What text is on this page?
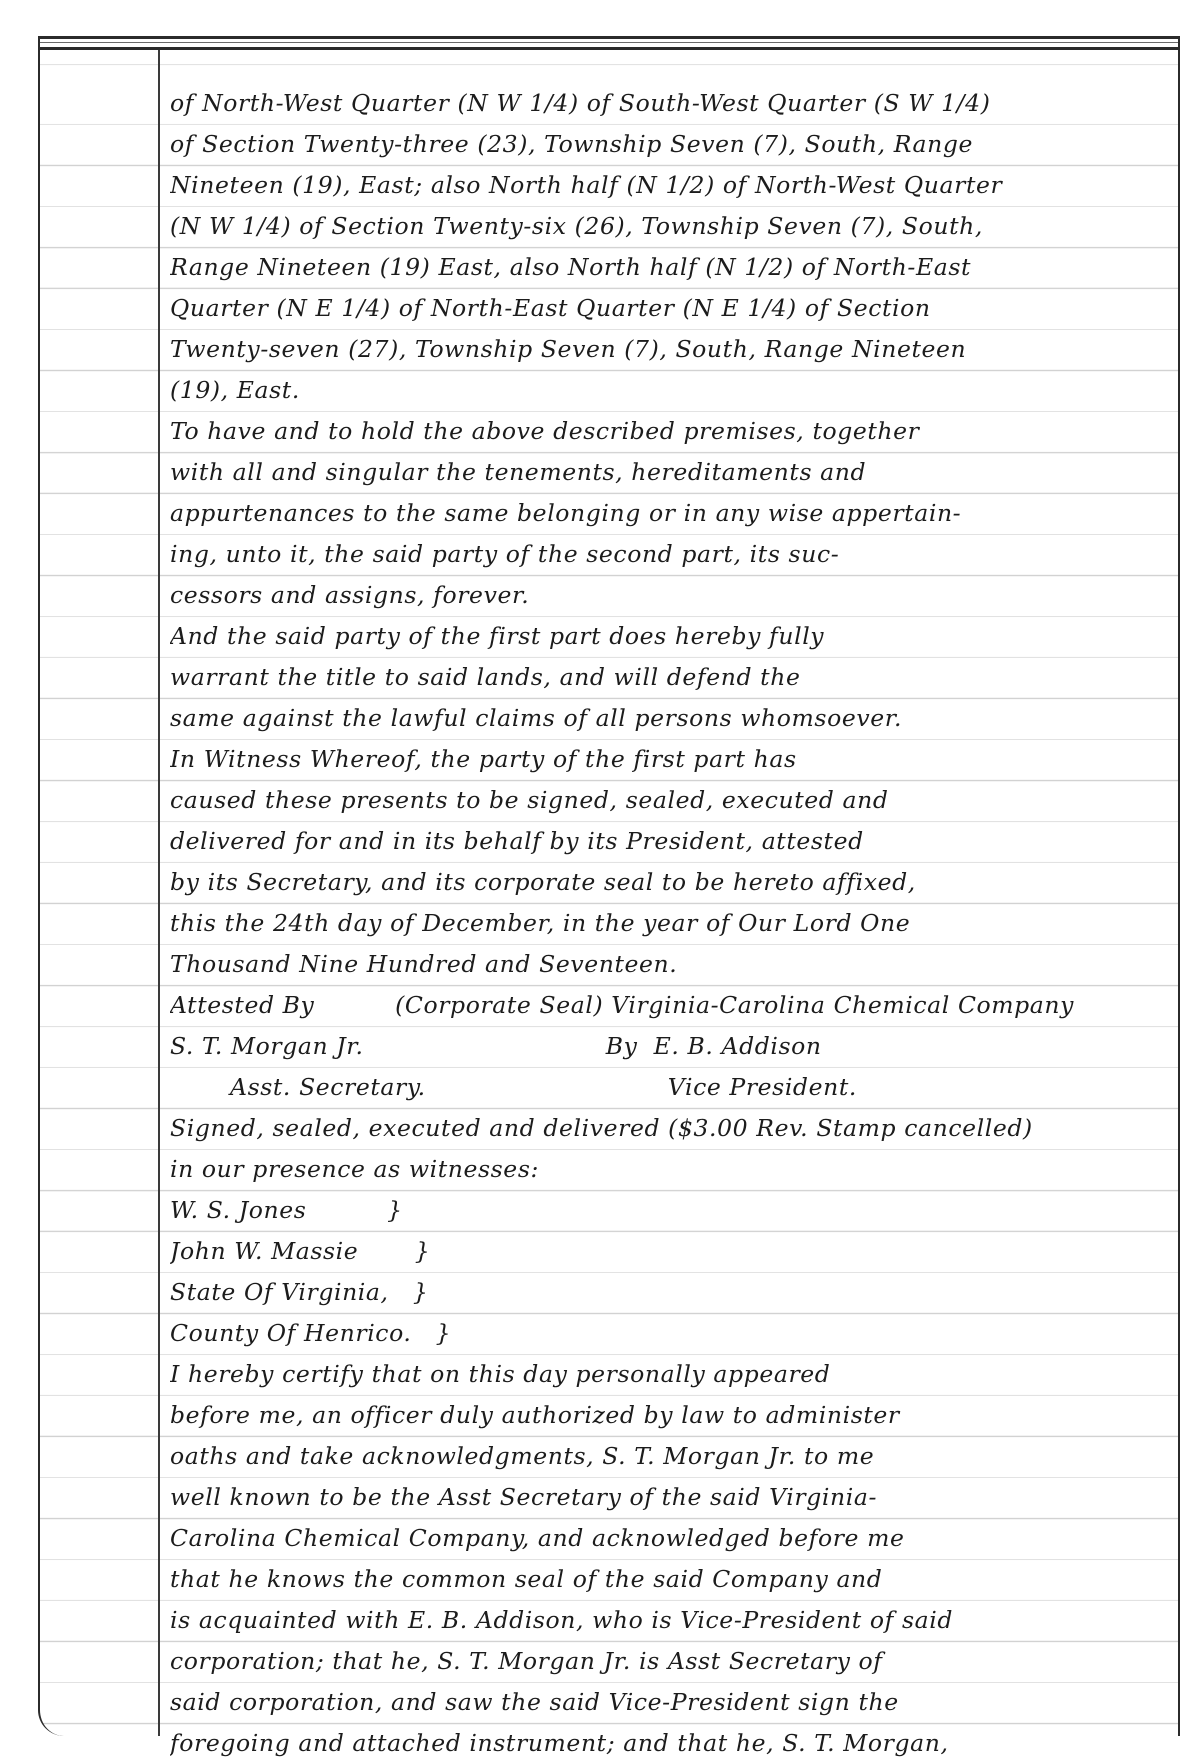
of North-West Quarter (N W 1/4) of South-West Quarter (S W 1/4)
of Section Twenty-three (23), Township Seven (7), South, Range
Nineteen (19), East; also North half (N 1/2) of North-West Quarter
(N W 1/4) of Section Twenty-six (26), Township Seven (7), South,
Range Nineteen (19) East, also North half (N 1/2) of North-East
Quarter (N E 1/4) of North-East Quarter (N E 1/4) of Section
Twenty-seven (27), Township Seven (7), South, Range Nineteen
(19), East.
To have and to hold the above described premises, together
with all and singular the tenements, hereditaments and
appurtenances to the same belonging or in any wise appertain-
ing, unto it, the said party of the second part, its suc-
cessors and assigns, forever.
And the said party of the first part does hereby fully
warrant the title to said lands, and will defend the
same against the lawful claims of all persons whomsoever.
In Witness Whereof, the party of the first part has
caused these presents to be signed, sealed, executed and
delivered for and in its behalf by its President, attested
by its Secretary, and its corporate seal to be hereto affixed,
this the 24th day of December, in the year of Our Lord One
Thousand Nine Hundred and Seventeen.
Attested By          (Corporate Seal) Virginia-Carolina Chemical Company
S. T. Morgan Jr.                              By  E. B. Addison
Asst. Secretary.                              Vice President.
Signed, sealed, executed and delivered ($3.00 Rev. Stamp cancelled)
in our presence as witnesses:
W. S. Jones          }
John W. Massie       }
State Of Virginia,   }
County Of Henrico.   }
I hereby certify that on this day personally appeared
before me, an officer duly authorized by law to administer
oaths and take acknowledgments, S. T. Morgan Jr. to me
well known to be the Asst Secretary of the said Virginia-
Carolina Chemical Company, and acknowledged before me
that he knows the common seal of the said Company and
is acquainted with E. B. Addison, who is Vice-President of said
corporation; that he, S. T. Morgan Jr. is Asst Secretary of
said corporation, and saw the said Vice-President sign the
foregoing and attached instrument; and that he, S. T. Morgan,
